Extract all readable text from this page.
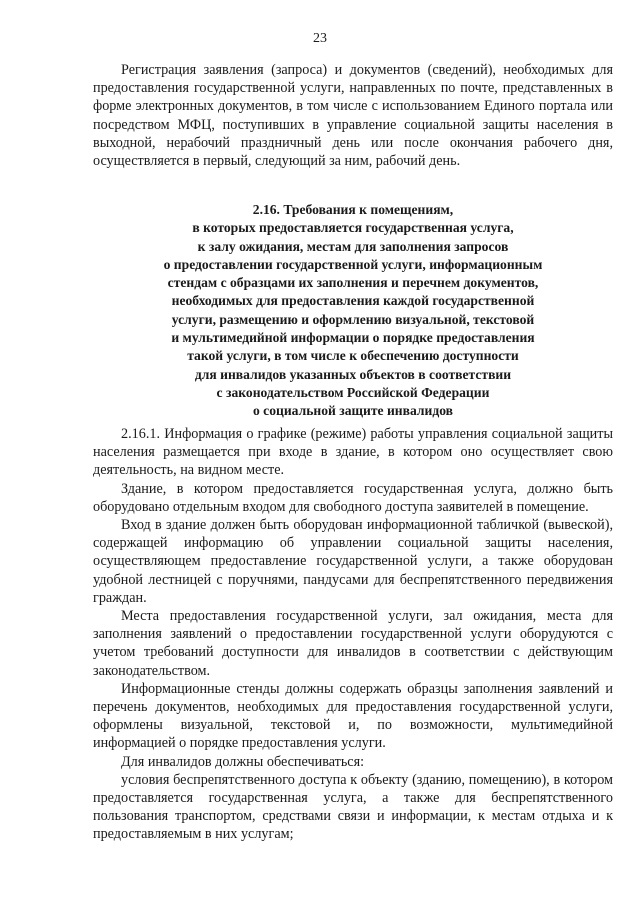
23

Регистрация заявления (запроса) и документов (сведений), необходимых для предоставления государственной услуги, направленных по почте, представленных в форме электронных документов, в том числе с использованием Единого портала или посредством МФЦ, поступивших в управление социальной защиты населения в выходной, нерабочий праздничный день или после окончания рабочего дня, осуществляется в первый, следующий за ним, рабочий день.

2.16. Требования к помещениям,
в которых предоставляется государственная услуга,
к залу ожидания, местам для заполнения запросов
о предоставлении государственной услуги, информационным
стендам с образцами их заполнения и перечнем документов,
необходимых для предоставления каждой государственной
услуги, размещению и оформлению визуальной, текстовой
и мультимедийной информации о порядке предоставления
такой услуги, в том числе к обеспечению доступности
для инвалидов указанных объектов в соответствии
с законодательством Российской Федерации
о социальной защите инвалидов

2.16.1. Информация о графике (режиме) работы управления социальной защиты населения размещается при входе в здание, в котором оно осуществляет свою деятельность, на видном месте.

Здание, в котором предоставляется государственная услуга, должно быть оборудовано отдельным входом для свободного доступа заявителей в помещение.

Вход в здание должен быть оборудован информационной табличкой (вывеской), содержащей информацию об управлении социальной защиты населения, осуществляющем предоставление государственной услуги, а также оборудован удобной лестницей с поручнями, пандусами для беспрепятственного передвижения граждан.

Места предоставления государственной услуги, зал ожидания, места для заполнения заявлений о предоставлении государственной услуги оборудуются с учетом требований доступности для инвалидов в соответствии с действующим законодательством.

Информационные стенды должны содержать образцы заполнения заявлений и перечень документов, необходимых для предоставления государственной услуги, оформлены визуальной, текстовой и, по возможности, мультимедийной информацией о порядке предоставления услуги.

Для инвалидов должны обеспечиваться:

условия беспрепятственного доступа к объекту (зданию, помещению), в котором предоставляется государственная услуга, а также для беспрепятственного пользования транспортом, средствами связи и информации, к местам отдыха и к предоставляемым в них услугам;
